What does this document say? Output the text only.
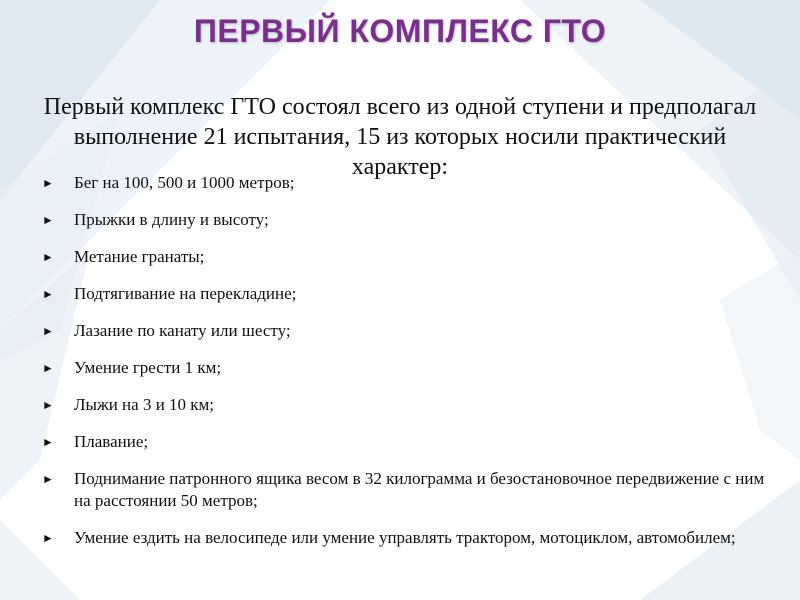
ПЕРВЫЙ КОМПЛЕКС ГТО
Первый комплекс ГТО состоял всего из одной ступени и предполагал выполнение 21 испытания, 15 из которых носили практический характер:
► Бег на 100, 500 и 1000 метров;
► Прыжки в длину и высоту;
► Метание гранаты;
► Подтягивание на перекладине;
► Лазание по канату или шесту;
► Умение грести 1 км;
► Лыжи на 3 и 10 км;
► Плавание;
► Поднимание патронного ящика весом в 32 килограмма и безостановочное передвижение с ним на расстоянии 50 метров;
► Умение ездить на велосипеде или умение управлять трактором, мотоциклом, автомобилем;
